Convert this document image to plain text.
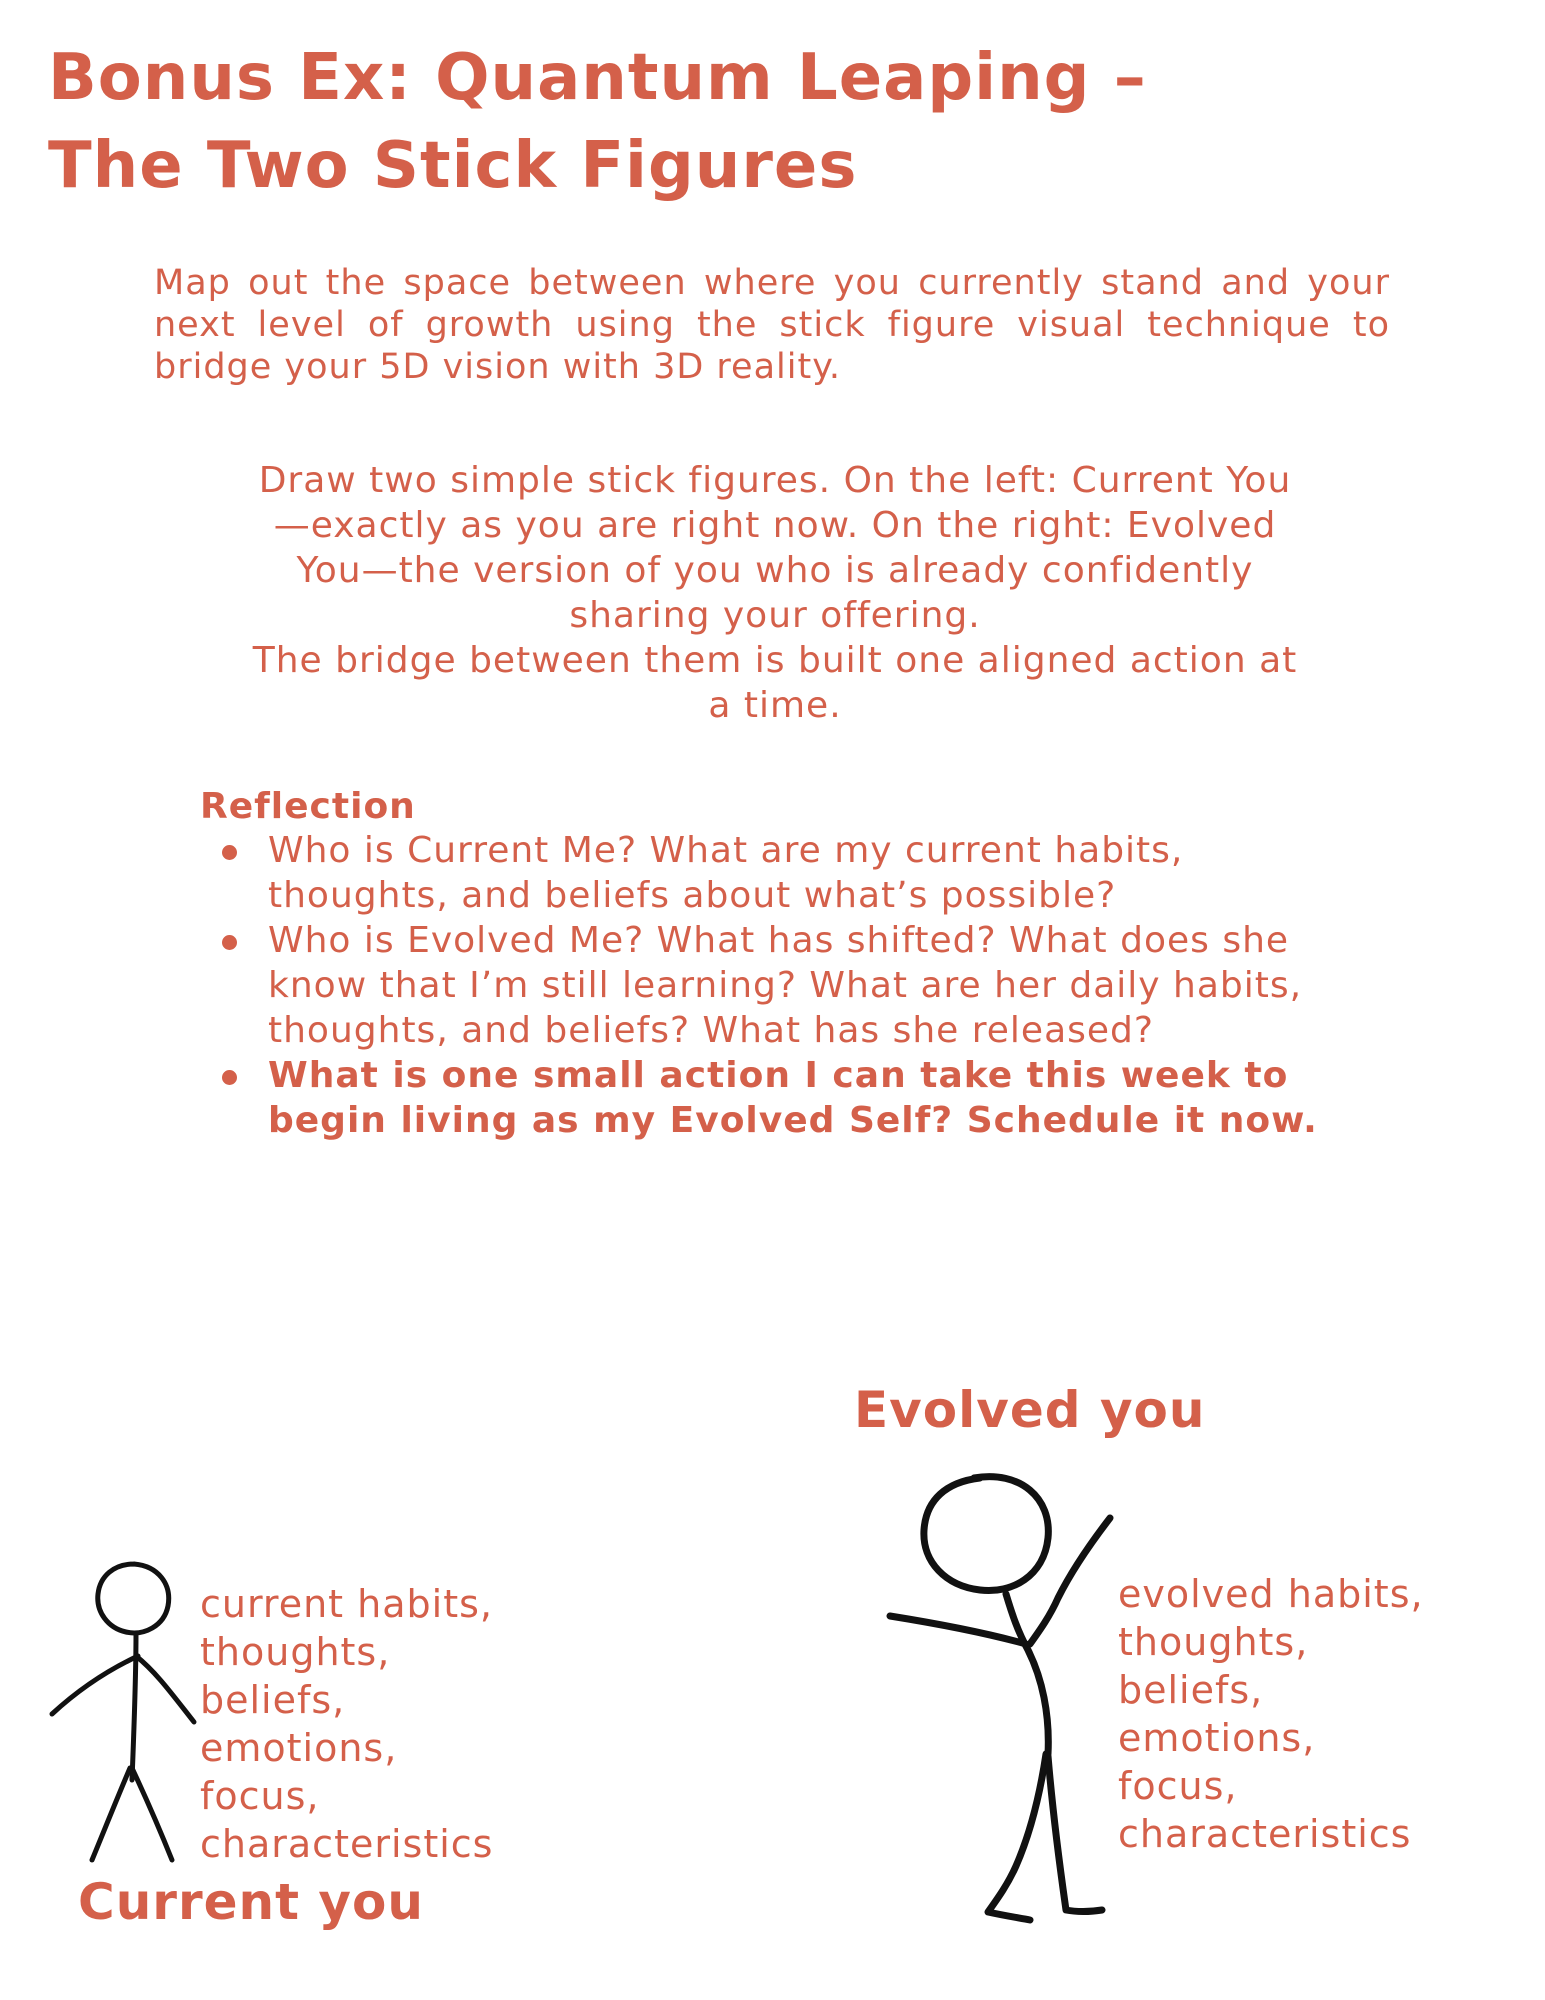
Bonus Ex: Quantum Leaping –
The Two Stick Figures

Map out the space between where you currently stand and your next level of growth using the stick figure visual technique to bridge your 5D vision with 3D reality.

Draw two simple stick figures. On the left: Current You
—exactly as you are right now. On the right: Evolved
You—the version of you who is already confidently
sharing your offering.
The bridge between them is built one aligned action at
a time.

Reflection
Who is Current Me? What are my current habits, thoughts, and beliefs about what’s possible?
Who is Evolved Me? What has shifted? What does she know that I’m still learning? What are her daily habits, thoughts, and beliefs? What has she released?
What is one small action I can take this week to begin living as my Evolved Self? Schedule it now.
Evolved you
evolved habits,
thoughts,
beliefs,
emotions,
focus,
characteristics
current habits,
thoughts,
beliefs,
emotions,
focus,
characteristics
Current you
